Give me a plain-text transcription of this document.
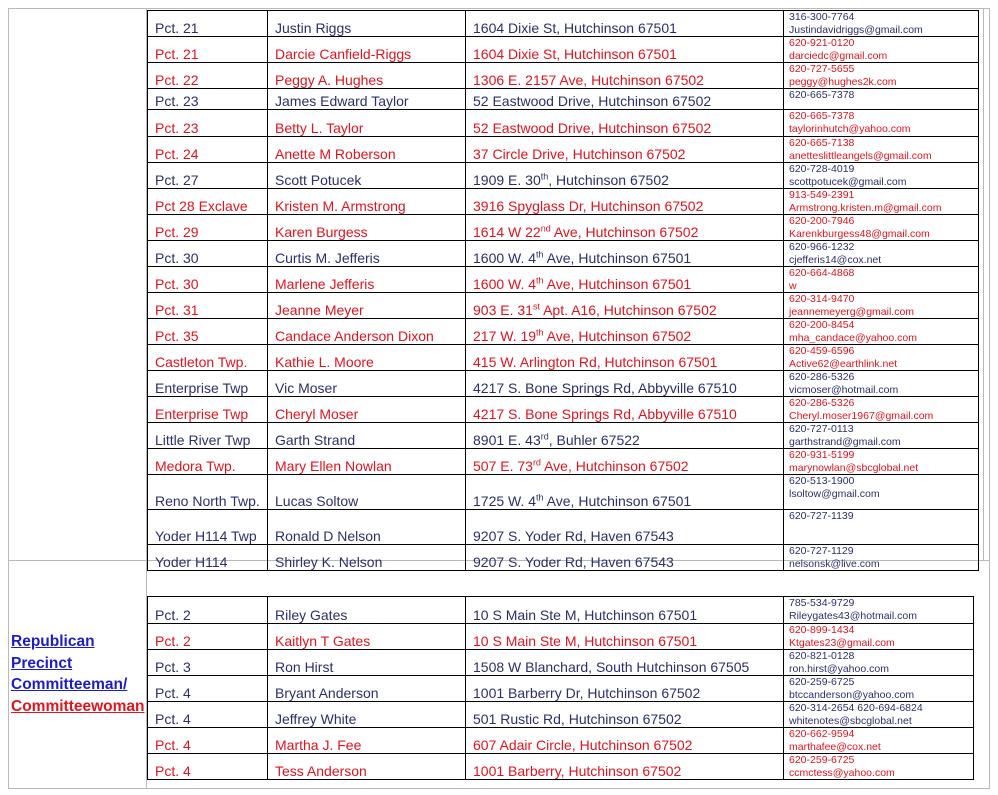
Republican
Precinct
Committeeman/
Committeewoman
Pct. 21	Justin Riggs	1604 Dixie St, Hutchinson 67501	316-300-7764
Justindavidriggs@gmail.com

Pct. 21	Darcie Canfield-Riggs	1604 Dixie St, Hutchinson 67501	620-921-0120
darciedc@gmail.com

Pct. 22	Peggy A. Hughes	1306 E. 2157 Ave, Hutchinson 67502	620-727-5655
peggy@hughes2k.com

Pct. 23	James Edward Taylor	52 Eastwood Drive, Hutchinson 67502	620-665-7378

Pct. 23	Betty L. Taylor	52 Eastwood Drive, Hutchinson 67502	620-665-7378
taylorinhutch@yahoo.com

Pct. 24	Anette M Roberson	37 Circle Drive, Hutchinson 67502	620-665-7138
anetteslittleangels@gmail.com

Pct. 27	Scott Potucek	1909 E. 30th, Hutchinson 67502	620-728-4019
scottpotucek@gmail.com

Pct 28 Exclave	Kristen M. Armstrong	3916 Spyglass Dr, Hutchinson 67502	913-549-2391
Armstrong.kristen.m@gmail.com

Pct. 29	Karen Burgess	1614 W 22nd Ave, Hutchinson 67502	620-200-7946
Karenkburgess48@gmail.com

Pct. 30	Curtis M. Jefferis	1600 W. 4th Ave, Hutchinson 67501	620-966-1232
cjefferis14@cox.net

Pct. 30	Marlene Jefferis	1600 W. 4th Ave, Hutchinson 67501	620-664-4868
w

Pct. 31	Jeanne Meyer	903 E. 31st Apt. A16, Hutchinson 67502	620-314-9470
jeannemeyerg@gmail.com

Pct. 35	Candace Anderson Dixon	217 W. 19th Ave, Hutchinson 67502	620-200-8454
mha_candace@yahoo.com

Castleton Twp.	Kathie L. Moore	415 W. Arlington Rd, Hutchinson 67501	620-459-6596
Active62@earthlink.net

Enterprise Twp	Vic Moser	4217 S. Bone Springs Rd, Abbyville 67510	620-286-5326
vicmoser@hotmail.com

Enterprise Twp	Cheryl Moser	4217 S. Bone Springs Rd, Abbyville 67510	620-286-5326
Cheryl.moser1967@gmail.com

Little River Twp	Garth Strand	8901 E. 43rd, Buhler 67522	620-727-0113
garthstrand@gmail.com

Medora Twp.	Mary Ellen Nowlan	507 E. 73rd Ave, Hutchinson 67502	620-931-5199
marynowlan@sbcglobal.net

Reno North Twp.	Lucas Soltow	1725 W. 4th Ave, Hutchinson 67501	620-513-1900
lsoltow@gmail.com

Yoder H114 Twp	Ronald D Nelson	9207 S. Yoder Rd, Haven 67543	620-727-1139

Yoder H114	Shirley K. Nelson	9207 S. Yoder Rd, Haven 67543	620-727-1129
nelsonsk@live.com
Pct. 2	Riley Gates	10 S Main Ste M, Hutchinson 67501	785-534-9729
Rileygates43@hotmail.com

Pct. 2	Kaitlyn T Gates	10 S Main Ste M, Hutchinson 67501	620-899-1434
Ktgates23@gmail.com

Pct. 3	Ron Hirst	1508 W Blanchard, South Hutchinson 67505	620-821-0128
ron.hirst@yahoo.com

Pct. 4	Bryant Anderson	1001 Barberry Dr, Hutchinson 67502	620-259-6725
btccanderson@yahoo.com

Pct. 4	Jeffrey White	501 Rustic Rd, Hutchinson 67502	620-314-2654 620-694-6824
whitenotes@sbcglobal.net

Pct. 4	Martha J. Fee	607 Adair Circle, Hutchinson 67502	620-662-9594
marthafee@cox.net

Pct. 4	Tess Anderson	1001 Barberry, Hutchinson 67502	620-259-6725
ccmctess@yahoo.com
